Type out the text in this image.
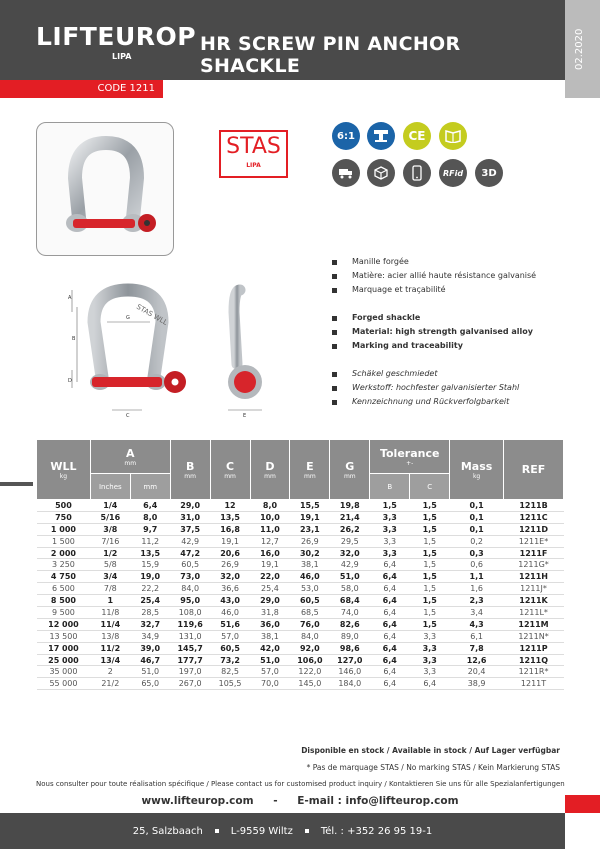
LIFTEUROP
LIPA
HR SCREW PIN ANCHOR SHACKLE	02.2020
CODE 1211
STAS
LIPA
6:1	CE
RFid 3D
A
B
D
G
C
STAS WLL
E
Manille forgée
Matière: acier allié haute résistance galvanisé
Marquage et traçabilité
Forged shackle
Material: high strength galvanised alloy
Marking and traceability
Schäkel geschmiedet
Werkstoff: hochfester galvanisierter Stahl
Kennzeichnung und Rückverfolgbarkeit
WLL
kg	A
mm		B
mm	C
mm	D
mm	E
mm	G
mm	Tolerance
+-		Mass
kg	REF
	Inches	mm						B	C		
500	1/4	6,4	29,0	12	8,0	15,5	19,8	1,5	1,5	0,1	1211B
750	5/16	8,0	31,0	13,5	10,0	19,1	21,4	3,3	1,5	0,1	1211C
1 000	3/8	9,7	37,5	16,8	11,0	23,1	26,2	3,3	1,5	0,1	1211D
1 500	7/16	11,2	42,9	19,1	12,7	26,9	29,5	3,3	1,5	0,2	1211E*
2 000	1/2	13,5	47,2	20,6	16,0	30,2	32,0	3,3	1,5	0,3	1211F
3 250	5/8	15,9	60,5	26,9	19,1	38,1	42,9	6,4	1,5	0,6	1211G*
4 750	3/4	19,0	73,0	32,0	22,0	46,0	51,0	6,4	1,5	1,1	1211H
6 500	7/8	22,2	84,0	36,6	25,4	53,0	58,0	6,4	1,5	1,6	1211J*
8 500	1	25,4	95,0	43,0	29,0	60,5	68,4	6,4	1,5	2,3	1211K
9 500	11/8	28,5	108,0	46,0	31,8	68,5	74,0	6,4	1,5	3,4	1211L*
12 000	11/4	32,7	119,6	51,6	36,0	76,0	82,6	6,4	1,5	4,3	1211M
13 500	13/8	34,9	131,0	57,0	38,1	84,0	89,0	6,4	3,3	6,1	1211N*
17 000	11/2	39,0	145,7	60,5	42,0	92,0	98,6	6,4	3,3	7,8	1211P
25 000	13/4	46,7	177,7	73,2	51,0	106,0	127,0	6,4	3,3	12,6	1211Q
35 000	2	51,0	197,0	82,5	57,0	122,0	146,0	6,4	3,3	20,4	1211R*
55 000	21/2	65,0	267,0	105,5	70,0	145,0	184,0	6,4	6,4	38,9	1211T
Disponible en stock / Available in stock / Auf Lager verfügbar
* Pas de marquage STAS / No marking STAS / Kein Markierung STAS
Nous consulter pour toute réalisation spécifique / Please contact us for customised product inquiry / Kontaktieren Sie uns für alle Spezialanfertigungen
www.lifteurop.com - E-mail : info@lifteurop.com
25, Salzbaach	L-9559 Wiltz	Tél. : +352 26 95 19-1
